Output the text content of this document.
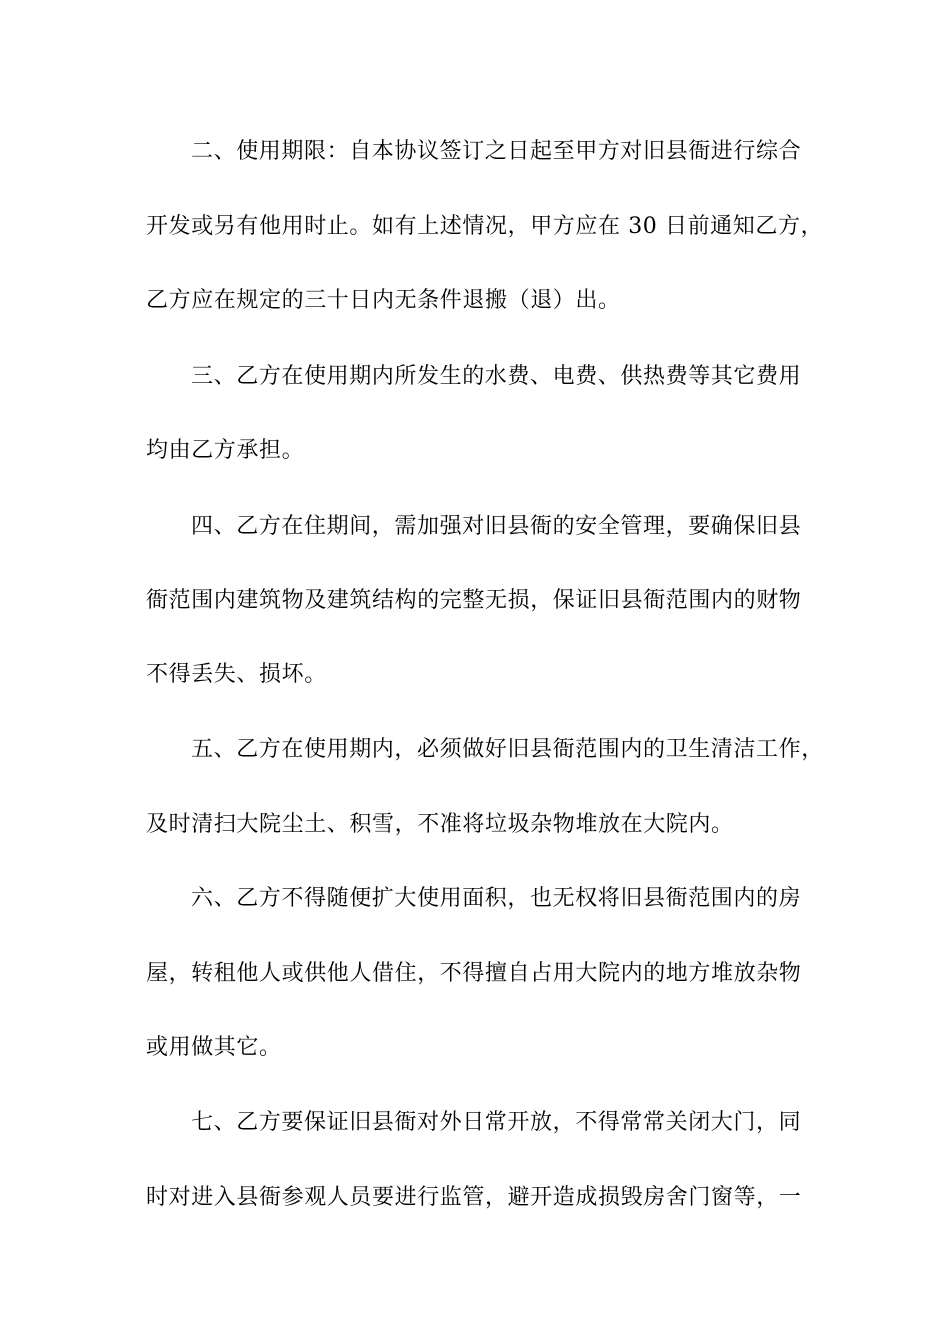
二、使用期限：自本协议签订之日起至甲方对旧县衙进行综合
开发或另有他用时止。如有上述情况，甲方应在 30 日前通知乙方，
乙方应在规定的三十日内无条件退搬（退）出。
三、乙方在使用期内所发生的水费、电费、供热费等其它费用
均由乙方承担。
四、乙方在住期间，需加强对旧县衙的安全管理，要确保旧县
衙范围内建筑物及建筑结构的完整无损，保证旧县衙范围内的财物
不得丢失、损坏。
五、乙方在使用期内，必须做好旧县衙范围内的卫生清洁工作，
及时清扫大院尘土、积雪，不准将垃圾杂物堆放在大院内。
六、乙方不得随便扩大使用面积，也无权将旧县衙范围内的房
屋，转租他人或供他人借住，不得擅自占用大院内的地方堆放杂物
或用做其它。
七、乙方要保证旧县衙对外日常开放，不得常常关闭大门，同
时对进入县衙参观人员要进行监管，避开造成损毁房舍门窗等，一
